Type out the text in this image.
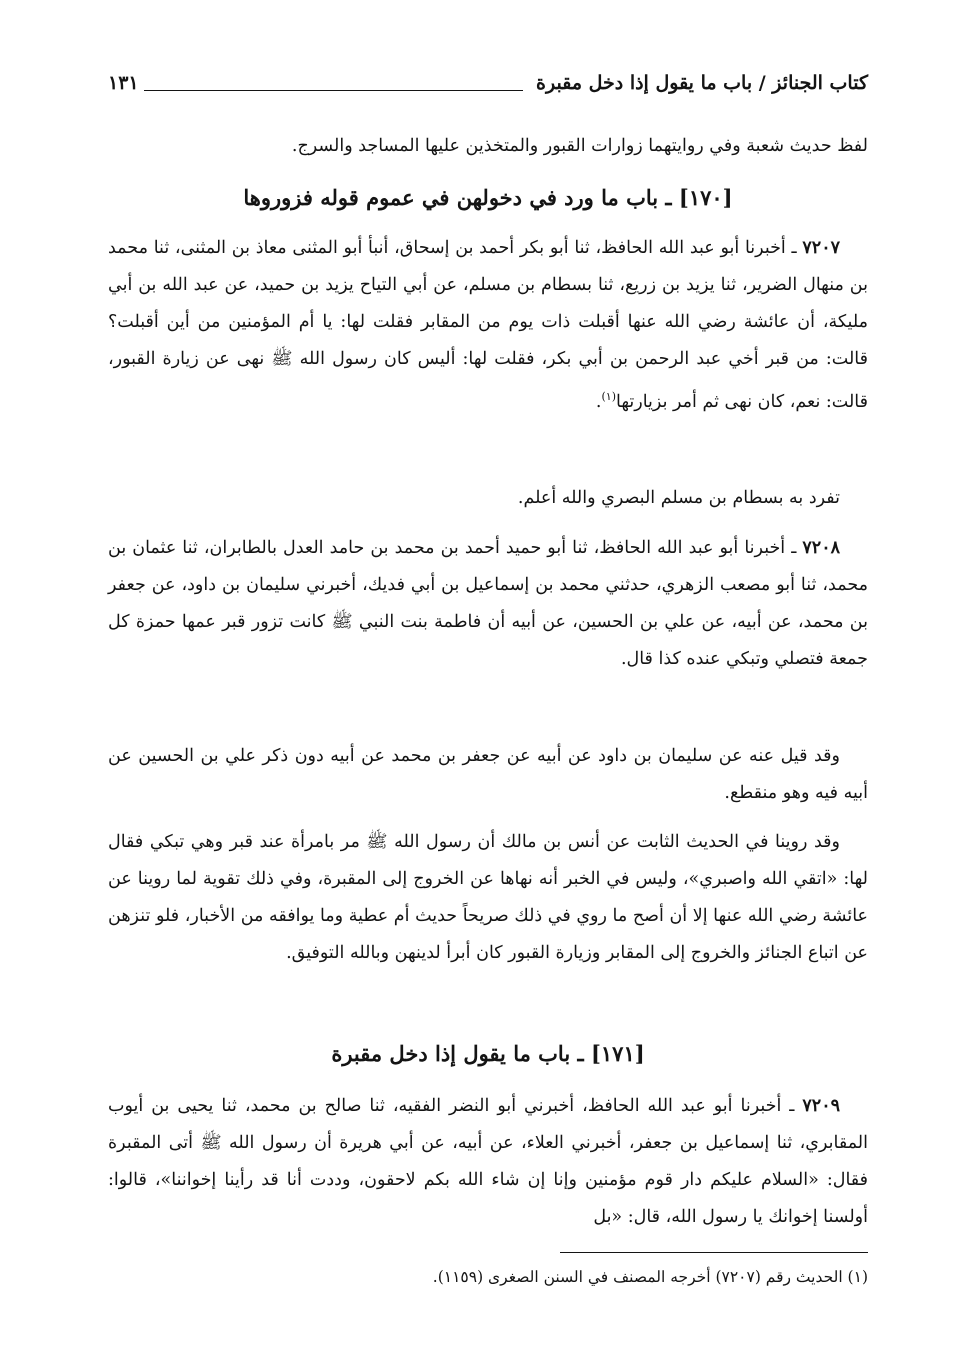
كتاب الجنائز / باب ما يقول إذا دخل مقبرة
١٣١

لفظ حديث شعبة وفي روايتهما زوارات القبور والمتخذين عليها المساجد والسرج.

[١٧٠] ـ باب ما ورد في دخولهن في عموم قوله فزوروها

٧٢٠٧ ـ أخبرنا أبو عبد الله الحافظ، ثنا أبو بكر أحمد بن إسحاق، أنبأ أبو المثنى معاذ بن المثنى، ثنا محمد بن منهال الضرير، ثنا يزيد بن زريع، ثنا بسطام بن مسلم، عن أبي التياح يزيد بن حميد، عن عبد الله بن أبي مليكة، أن عائشة رضي الله عنها أقبلت ذات يوم من المقابر فقلت لها: يا أم المؤمنين من أين أقبلت؟ قالت: من قبر أخي عبد الرحمن بن أبي بكر، فقلت لها: أليس كان رسول الله ﷺ نهى عن زيارة القبور، قالت: نعم، كان نهى ثم أمر بزيارتها$^{(١)}$.

تفرد به بسطام بن مسلم البصري والله أعلم.

٧٢٠٨ ـ أخبرنا أبو عبد الله الحافظ، ثنا أبو حميد أحمد بن محمد بن حامد العدل بالطابران، ثنا عثمان بن محمد، ثنا أبو مصعب الزهري، حدثني محمد بن إسماعيل بن أبي فديك، أخبرني سليمان بن داود، عن جعفر بن محمد، عن أبيه، عن علي بن الحسين، عن أبيه أن فاطمة بنت النبي ﷺ كانت تزور قبر عمها حمزة كل جمعة فتصلي وتبكي عنده كذا قال.

وقد قيل عنه عن سليمان بن داود عن أبيه عن جعفر بن محمد عن أبيه دون ذكر علي بن الحسين عن أبيه فيه وهو منقطع.

وقد روينا في الحديث الثابت عن أنس بن مالك أن رسول الله ﷺ مر بامرأة عند قبر وهي تبكي فقال لها: «اتقي الله واصبري»، وليس في الخبر أنه نهاها عن الخروج إلى المقبرة، وفي ذلك تقوية لما روينا عن عائشة رضي الله عنها إلا أن أصح ما روي في ذلك صريحاً حديث أم عطية وما يوافقه من الأخبار، فلو تنزهن عن اتباع الجنائز والخروج إلى المقابر وزيارة القبور كان أبرأ لدينهن وبالله التوفيق.

[١٧١] ـ باب ما يقول إذا دخل مقبرة

٧٢٠٩ ـ أخبرنا أبو عبد الله الحافظ، أخبرني أبو النضر الفقيه، ثنا صالح بن محمد، ثنا يحيى بن أيوب المقابري، ثنا إسماعيل بن جعفر، أخبرني العلاء، عن أبيه، عن أبي هريرة أن رسول الله ﷺ أتى المقبرة فقال: «السلام عليكم دار قوم مؤمنين وإنا إن شاء الله بكم لاحقون، وددت أنا قد رأينا إخواننا»، قالوا: أولسنا إخوانك يا رسول الله، قال: «بل

(١) الحديث رقم (٧٢٠٧) أخرجه المصنف في السنن الصغرى (١١٥٩).
